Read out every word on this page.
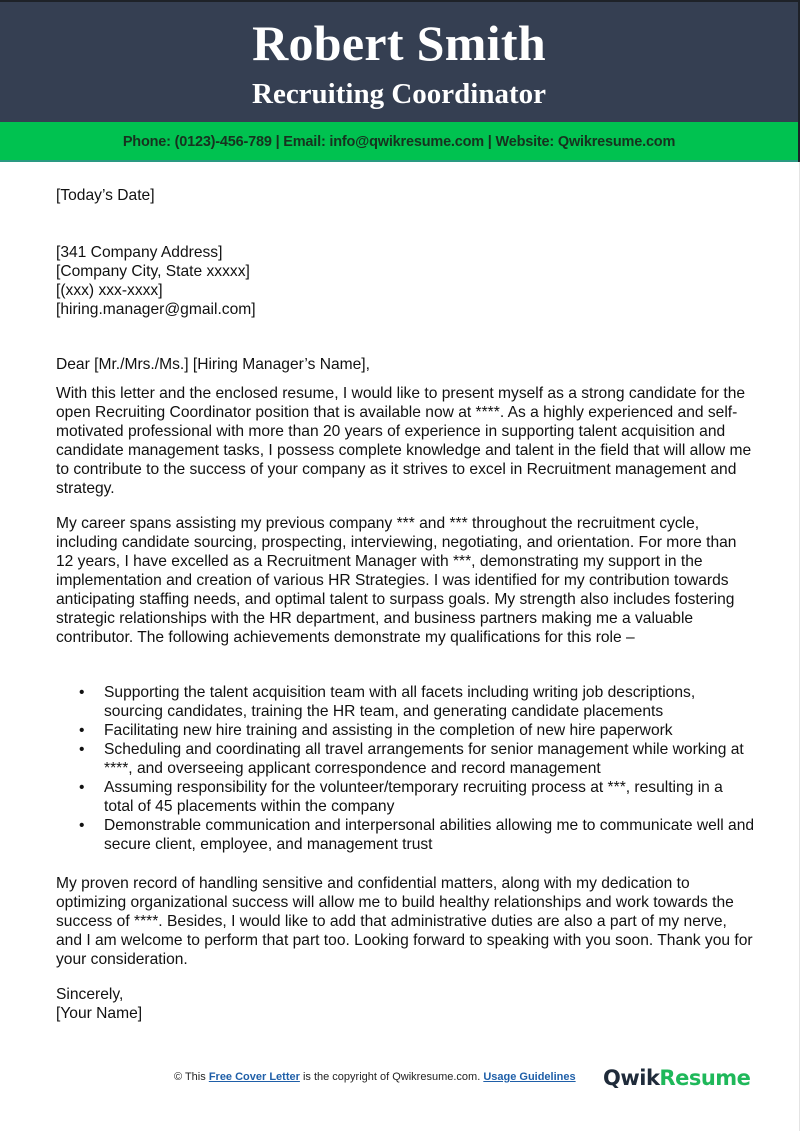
Robert Smith
Recruiting Coordinator
Phone: (0123)-456-789 | Email: info@qwikresume.com | Website: Qwikresume.com

[Today’s Date]

[341 Company Address]

[Company City, State xxxxx]

[(xxx) xxx-xxxx]

[hiring.manager@gmail.com]

Dear [Mr./Mrs./Ms.] [Hiring Manager’s Name],

With this letter and the enclosed resume, I would like to present myself as a strong candidate for the open Recruiting Coordinator position that is available now at ****. As a highly experienced and self-motivated professional with more than 20 years of experience in supporting talent acquisition and candidate management tasks, I possess complete knowledge and talent in the field that will allow me to contribute to the success of your company as it strives to excel in Recruitment management and strategy.

My career spans assisting my previous company *** and *** throughout the recruitment cycle, including candidate sourcing, prospecting, interviewing, negotiating, and orientation. For more than 12 years, I have excelled as a Recruitment Manager with ***, demonstrating my support in the implementation and creation of various HR Strategies. I was identified for my contribution towards anticipating staffing needs, and optimal talent to surpass goals. My strength also includes fostering strategic relationships with the HR department, and business partners making me a valuable contributor. The following achievements demonstrate my qualifications for this role –

• Supporting the talent acquisition team with all facets including writing job descriptions, sourcing candidates, training the HR team, and generating candidate placements
• Facilitating new hire training and assisting in the completion of new hire paperwork
• Scheduling and coordinating all travel arrangements for senior management while working at ****, and overseeing applicant correspondence and record management
• Assuming responsibility for the volunteer/temporary recruiting process at ***, resulting in a total of 45 placements within the company
• Demonstrable communication and interpersonal abilities allowing me to communicate well and secure client, employee, and management trust

My proven record of handling sensitive and confidential matters, along with my dedication to optimizing organizational success will allow me to build healthy relationships and work towards the success of ****. Besides, I would like to add that administrative duties are also a part of my nerve, and I am welcome to perform that part too. Looking forward to speaking with you soon. Thank you for your consideration.

Sincerely,

[Your Name]

© This Free Cover Letter is the copyright of Qwikresume.com. Usage Guidelines QwikResume
